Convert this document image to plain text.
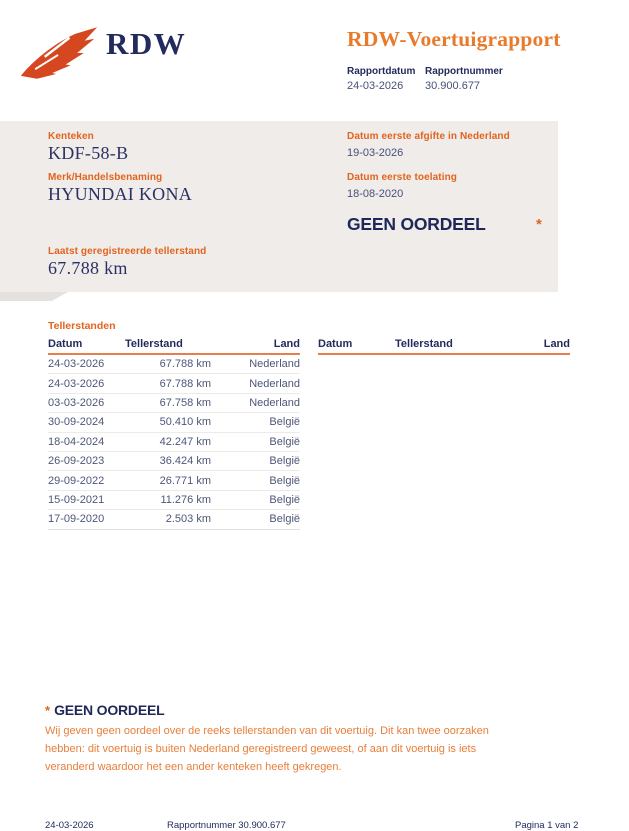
RDW	RDW-Voertuigrapport
Rapportdatum Rapportnummer
24-03-2026 30.900.677
Kenteken
KDF-58-B
Merk/Handelsbenaming
HYUNDAI KONA
Laatst geregistreerde tellerstand
67.788 km
Datum eerste afgifte in Nederland
19-03-2026
Datum eerste toelating
18-08-2020
GEEN OORDEEL	*
Tellerstanden
Datum	Tellerstand	Land
24-03-2026	67.788 km	Nederland
24-03-2026	67.788 km	Nederland
03-03-2026	67.758 km	Nederland
30-09-2024	50.410 km	België
18-04-2024	42.247 km	België
26-09-2023	36.424 km	België
29-09-2022	26.771 km	België
15-09-2021	11.276 km	België
17-09-2020	2.503 km	België
Datum	Tellerstand	Land
* GEEN OORDEEL
Wij geven geen oordeel over de reeks tellerstanden van dit voertuig. Dit kan twee oorzaken hebben: dit voertuig is buiten Nederland geregistreerd geweest, of aan dit voertuig is iets veranderd waardoor het een ander kenteken heeft gekregen.
24-03-2026	Rapportnummer 30.900.677	Pagina 1 van 2
